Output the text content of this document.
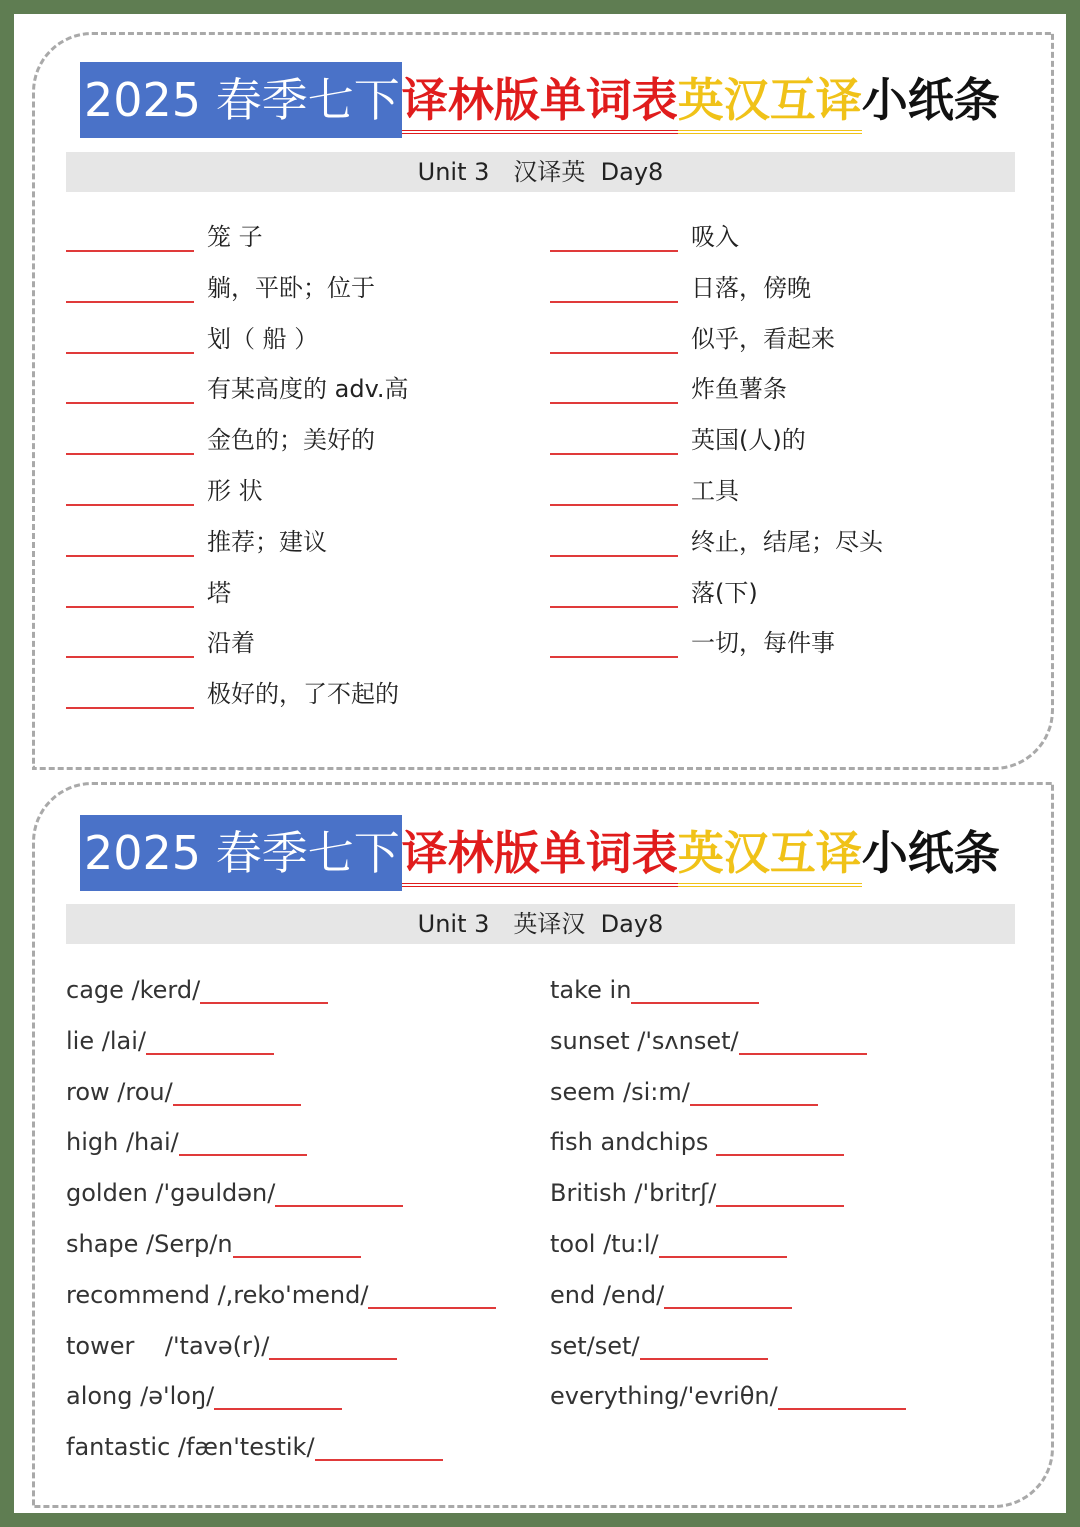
2025 春季七下 译林版单词表 英汉互译 小纸条
Unit 3　汉译英  Day8
笼 子
躺，平卧；位于
划（ 船 ）
有某高度的 adv.高
金色的；美好的
形 状
推荐；建议
塔
沿着
极好的，了不起的
吸入
日落，傍晚
似乎，看起来
炸鱼薯条
英国(人)的
工具
终止，结尾；尽头
落(下)
一切，每件事
2025 春季七下 译林版单词表 英汉互译 小纸条
Unit 3　英译汉  Day8
cage /kerd/
lie /lai/
row /rou/
high /hai/
golden /'gəuldən/
shape /Serp/n
recommend /,reko'mend/
tower    /'tavə(r)/
along /ə'loŋ/
fantastic /fæn'testik/
take in
sunset /'sʌnset/
seem /si:m/
fish andchips
British /'britrʃ/
tool /tu:l/
end /end/
set/set/
everything/'evriθn/
